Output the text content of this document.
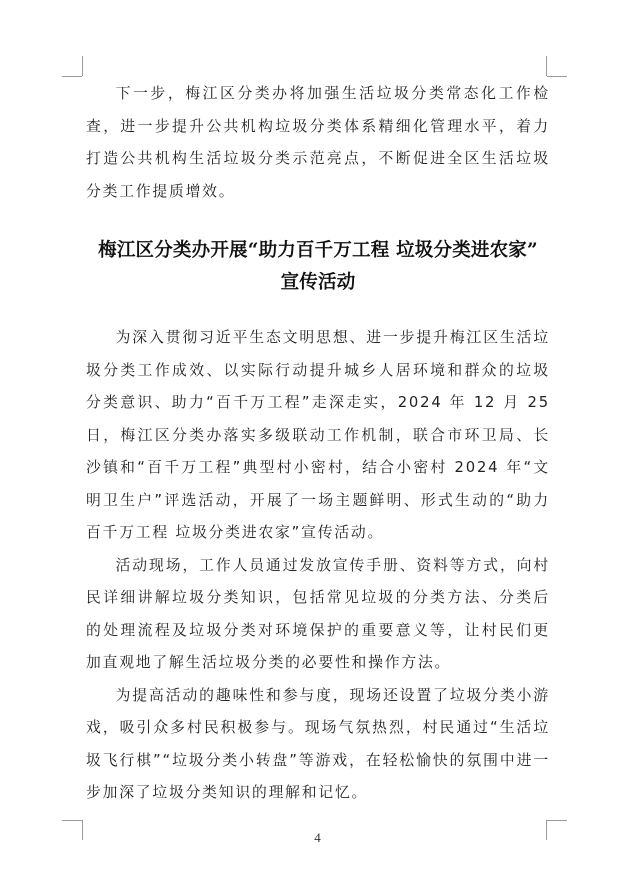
下一步，梅江区分类办将加强生活垃圾分类常态化工作检查，进一步提升公共机构垃圾分类体系精细化管理水平，着力打造公共机构生活垃圾分类示范亮点，不断促进全区生活垃圾分类工作提质增效。

梅江区分类办开展“助力百千万工程 垃圾分类进农家”
宣传活动

为深入贯彻习近平生态文明思想、进一步提升梅江区生活垃圾分类工作成效、以实际行动提升城乡人居环境和群众的垃圾分类意识、助力“百千万工程”走深走实，2024 年 12 月 25 日，梅江区分类办落实多级联动工作机制，联合市环卫局、长沙镇和“百千万工程”典型村小密村，结合小密村 2024 年“文明卫生户”评选活动，开展了一场主题鲜明、形式生动的“助力百千万工程 垃圾分类进农家”宣传活动。

活动现场，工作人员通过发放宣传手册、资料等方式，向村民详细讲解垃圾分类知识，包括常见垃圾的分类方法、分类后的处理流程及垃圾分类对环境保护的重要意义等，让村民们更加直观地了解生活垃圾分类的必要性和操作方法。

为提高活动的趣味性和参与度，现场还设置了垃圾分类小游戏，吸引众多村民积极参与。现场气氛热烈，村民通过“生活垃圾飞行棋”“垃圾分类小转盘”等游戏，在轻松愉快的氛围中进一步加深了垃圾分类知识的理解和记忆。

4
